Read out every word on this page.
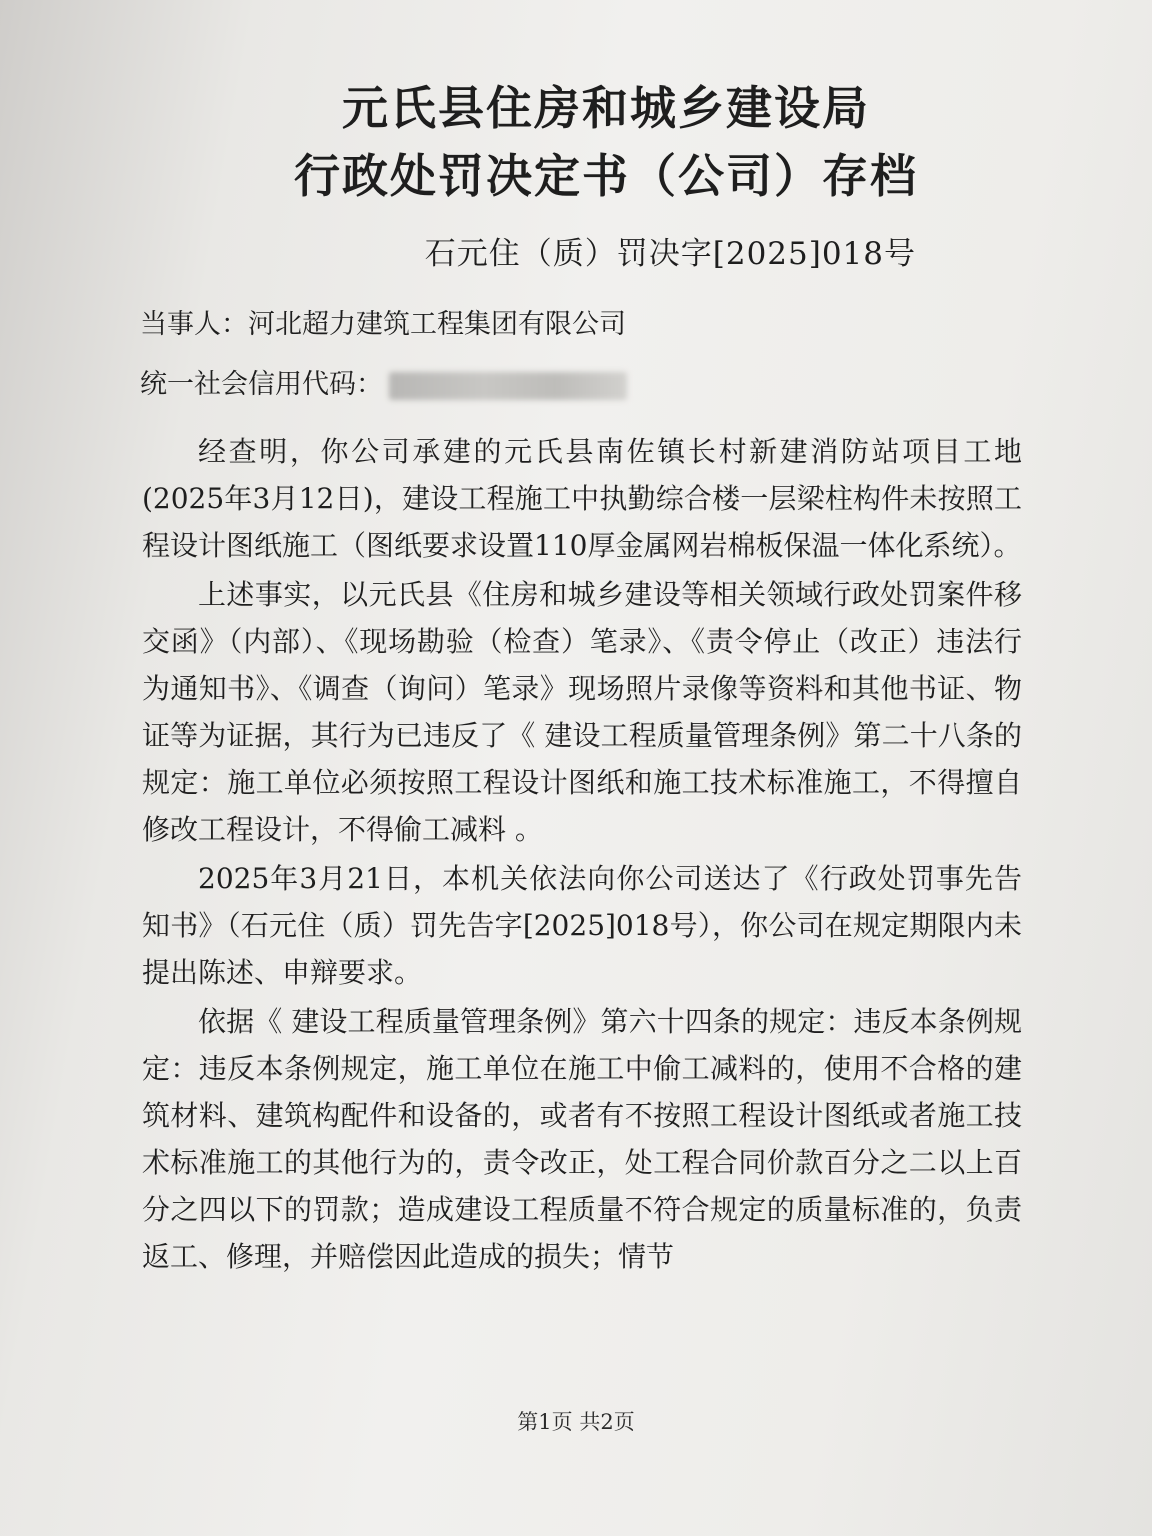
元氏县住房和城乡建设局
行政处罚决定书（公司）存档
石元住（质）罚决字[2025]018号
当事人：河北超力建筑工程集团有限公司
统一社会信用代码：

经查明，你公司承建的元氏县南佐镇长村新建消防站项目工地(2025年3月12日)，建设工程施工中执勤综合楼一层梁柱构件未按照工程设计图纸施工（图纸要求设置110厚金属网岩棉板保温一体化系统）。

上述事实，以元氏县《住房和城乡建设等相关领域行政处罚案件移交函》（内部）、《现场勘验（检查）笔录》、《责令停止（改正）违法行为通知书》、《调查（询问）笔录》现场照片录像等资料和其他书证、物证等为证据，其行为已违反了《 建设工程质量管理条例》第二十八条的规定：施工单位必须按照工程设计图纸和施工技术标准施工，不得擅自修改工程设计，不得偷工减料 。

2025年3月21日，本机关依法向你公司送达了《行政处罚事先告知书》（石元住（质）罚先告字[2025]018号），你公司在规定期限内未提出陈述、申辩要求。

依据《 建设工程质量管理条例》第六十四条的规定：违反本条例规定：违反本条例规定，施工单位在施工中偷工减料的，使用不合格的建筑材料、建筑构配件和设备的，或者有不按照工程设计图纸或者施工技术标准施工的其他行为的，责令改正，处工程合同价款百分之二以上百分之四以下的罚款；造成建设工程质量不符合规定的质量标准的，负责返工、修理，并赔偿因此造成的损失；情节

第1页 共2页
